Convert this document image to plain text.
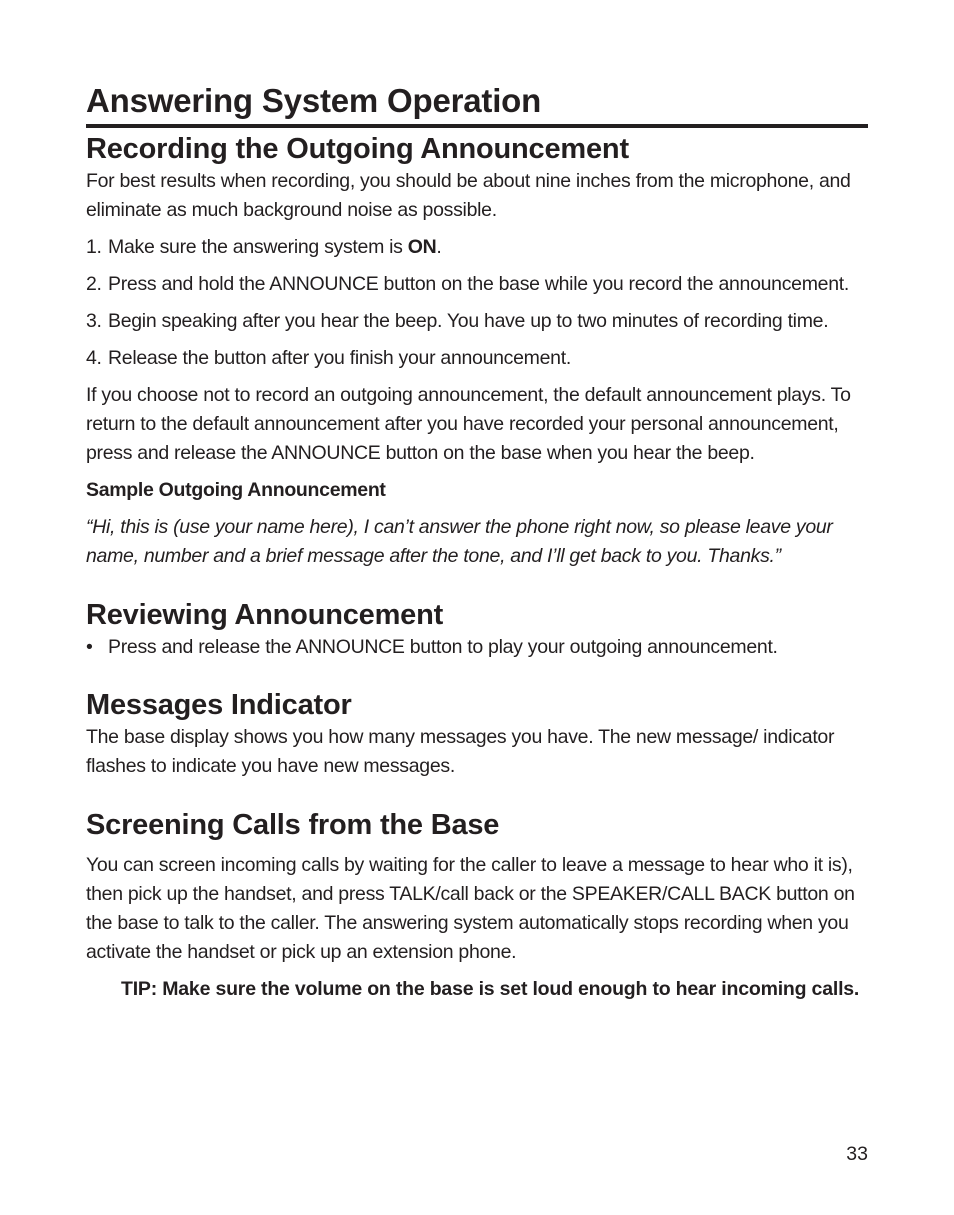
Answering System Operation
Recording the Outgoing Announcement

For best results when recording, you should be about nine inches from the microphone, and eliminate as much background noise as possible.

1. Make sure the answering system is ON.
2. Press and hold the ANNOUNCE button on the base while you record the announcement.
3. Begin speaking after you hear the beep. You have up to two minutes of recording time.
4. Release the button after you finish your announcement.

If you choose not to record an outgoing announcement, the default announcement plays. To return to the default announcement after you have recorded your personal announcement, press and release the ANNOUNCE button on the base when you hear the beep.

Sample Outgoing Announcement

“Hi, this is (use your name here), I can’t answer the phone right now, so please leave your name, number and a brief message after the tone, and I’ll get back to you. Thanks.”

Reviewing Announcement

• Press and release the ANNOUNCE button to play your outgoing announcement.

Messages Indicator

The base display shows you how many messages you have. The new message/ indicator flashes to indicate you have new messages.

Screening Calls from the Base

You can screen incoming calls by waiting for the caller to leave a message to hear who it is), then pick up the handset, and press TALK/call back or the SPEAKER/CALL BACK button on the base to talk to the caller. The answering system automatically stops recording when you activate the handset or pick up an extension phone.

TIP: Make sure the volume on the base is set loud enough to hear incoming calls.

33
